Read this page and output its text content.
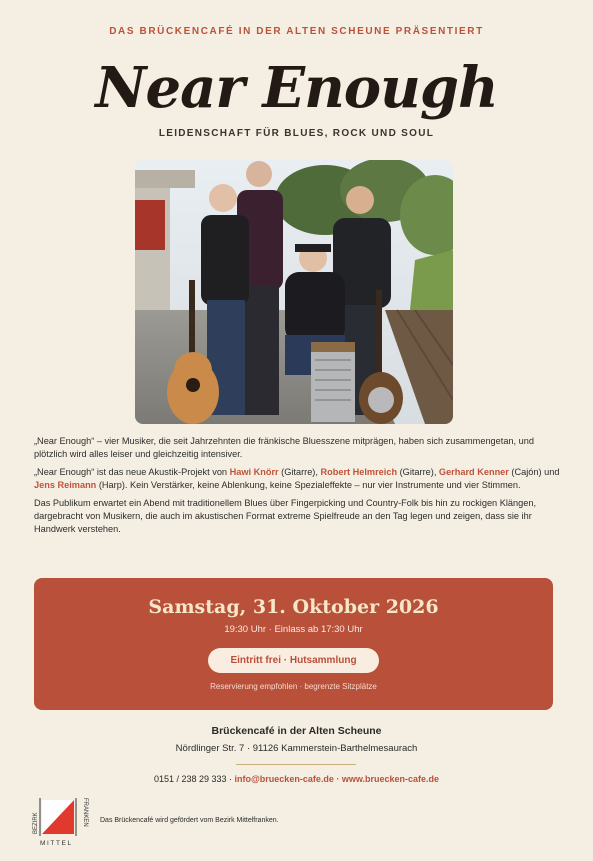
DAS BRÜCKENCAFÉ IN DER ALTEN SCHEUNE PRÄSENTIERT
Near Enough
LEIDENSCHAFT FÜR BLUES, ROCK UND SOUL

„Near Enough“ – vier Musiker, die seit Jahrzehnten die fränkische Bluesszene mitprägen, haben sich zusammengetan, und plötzlich wird alles leiser und gleichzeitig intensiver.

„Near Enough“ ist das neue Akustik-Projekt von Hawi Knörr (Gitarre), Robert Helmreich (Gitarre), Gerhard Kenner (Cajón) und Jens Reimann (Harp). Kein Verstärker, keine Ablenkung, keine Spezialeffekte – nur vier Instrumente und vier Stimmen.

Das Publikum erwartet ein Abend mit traditionellem Blues über Fingerpicking und Country-Folk bis hin zu rockigen Klängen, dargebracht von Musikern, die auch im akustischen Format extreme Spielfreude an den Tag legen und zeigen, dass sie ihr Handwerk verstehen.

Samstag, 31. Oktober 2026
19:30 Uhr · Einlass ab 17:30 Uhr
Eintritt frei · Hutsammlung
Reservierung empfohlen · begrenzte Sitzplätze
Brückencafé in der Alten Scheune
Nördlinger Str. 7 · 91126 Kammerstein-Barthelmesaurach
0151 / 238 29 333 · info@bruecken-cafe.de · www.bruecken-cafe.de
BEZIRK	FRANKEN
MITTEL
Das Brückencafé wird gefördert vom Bezirk Mittelfranken.
